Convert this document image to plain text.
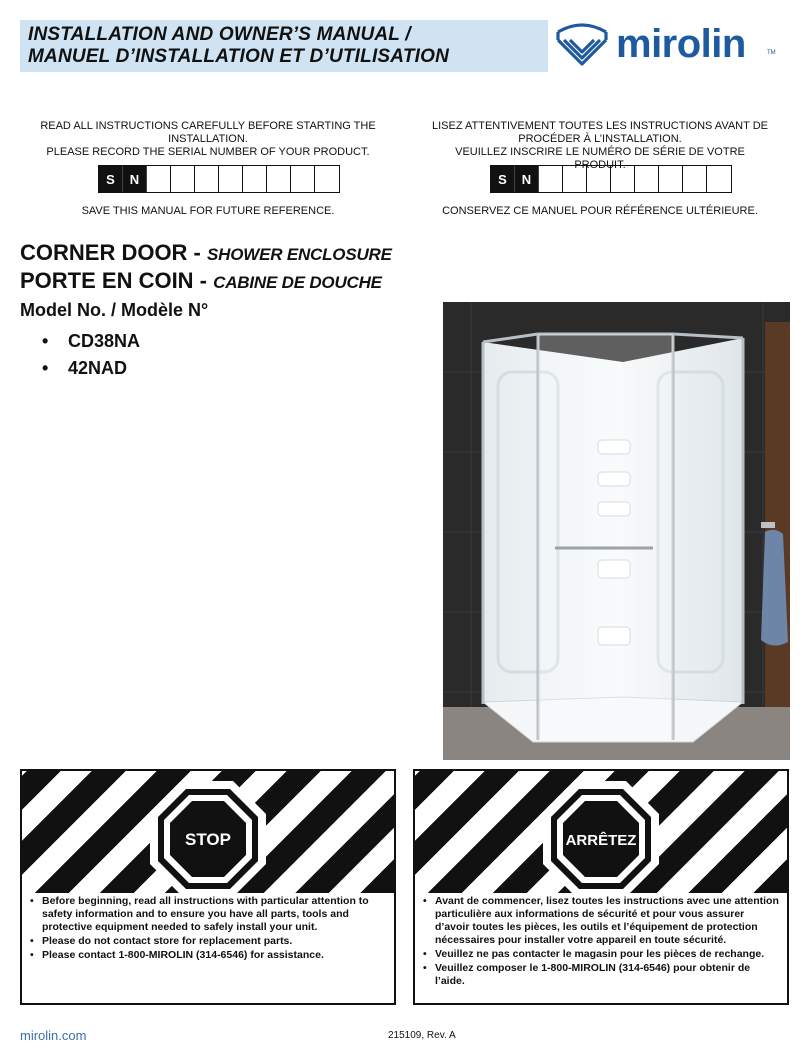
INSTALLATION AND OWNER’S MANUAL /
MANUEL D’INSTALLATION ET D’UTILISATION	mirolin	TM

READ ALL INSTRUCTIONS CAREFULLY BEFORE STARTING THE INSTALLATION.

PLEASE RECORD THE SERIAL NUMBER OF YOUR PRODUCT.

S	N
SAVE THIS MANUAL FOR FUTURE REFERENCE.

LISEZ ATTENTIVEMENT TOUTES LES INSTRUCTIONS AVANT DE PROCÉDER À L’INSTALLATION.

VEUILLEZ INSCRIRE LE NUMÉRO DE SÉRIE DE VOTRE PRODUIT.

S	N
CONSERVEZ CE MANUEL POUR RÉFÉRENCE ULTÉRIEURE.
CORNER DOOR - SHOWER ENCLOSURE
PORTE EN COIN - CABINE DE DOUCHE
Model No. / Modèle N°
• CD38NA
• 42NAD
STOP
• Before beginning, read all instructions with particular attention to safety information and to ensure you have all parts, tools and protective equipment needed to safely install your unit.
• Please do not contact store for replacement parts.
• Please contact 1-800-MIROLIN (314-6546) for assistance.
ARRÊTEZ
• Avant de commencer, lisez toutes les instructions avec une attention particulière aux informations de sécurité et pour vous assurer d’avoir toutes les pièces, les outils et l’équipement de protection nécessaires pour installer votre appareil en toute sécurité.
• Veuillez ne pas contacter le magasin pour les pièces de rechange.
• Veuillez composer le 1-800-MIROLIN (314-6546) pour obtenir de l’aide.
mirolin.com	215109, Rev. A
